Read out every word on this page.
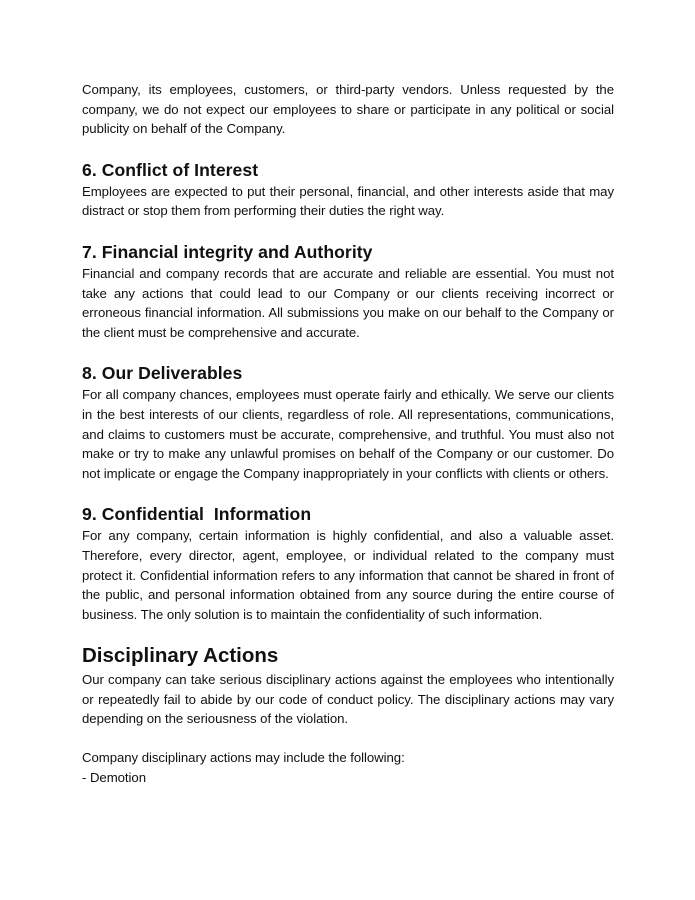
Company, its employees, customers, or third-party vendors. Unless requested by the company, we do not expect our employees to share or participate in any political or social publicity on behalf of the Company.

6. Conflict of Interest

Employees are expected to put their personal, financial, and other interests aside that may distract or stop them from performing their duties the right way.

7. Financial integrity and Authority

Financial and company records that are accurate and reliable are essential. You must not take any actions that could lead to our Company or our clients receiving incorrect or erroneous financial information. All submissions you make on our behalf to the Company or the client must be comprehensive and accurate.

8. Our Deliverables

For all company chances, employees must operate fairly and ethically. We serve our clients in the best interests of our clients, regardless of role. All representations, communications, and claims to customers must be accurate, comprehensive, and truthful. You must also not make or try to make any unlawful promises on behalf of the Company or our customer. Do not implicate or engage the Company inappropriately in your conflicts with clients or others.

9. Confidential  Information

For any company, certain information is highly confidential, and also a valuable asset. Therefore, every director, agent, employee, or individual related to the company must protect it. Confidential information refers to any information that cannot be shared in front of the public, and personal information obtained from any source during the entire course of business. The only solution is to maintain the confidentiality of such information.

Disciplinary Actions

Our company can take serious disciplinary actions against the employees who intentionally or repeatedly fail to abide by our code of conduct policy. The disciplinary actions may vary depending on the seriousness of the violation.

Company disciplinary actions may include the following:

- Demotion
